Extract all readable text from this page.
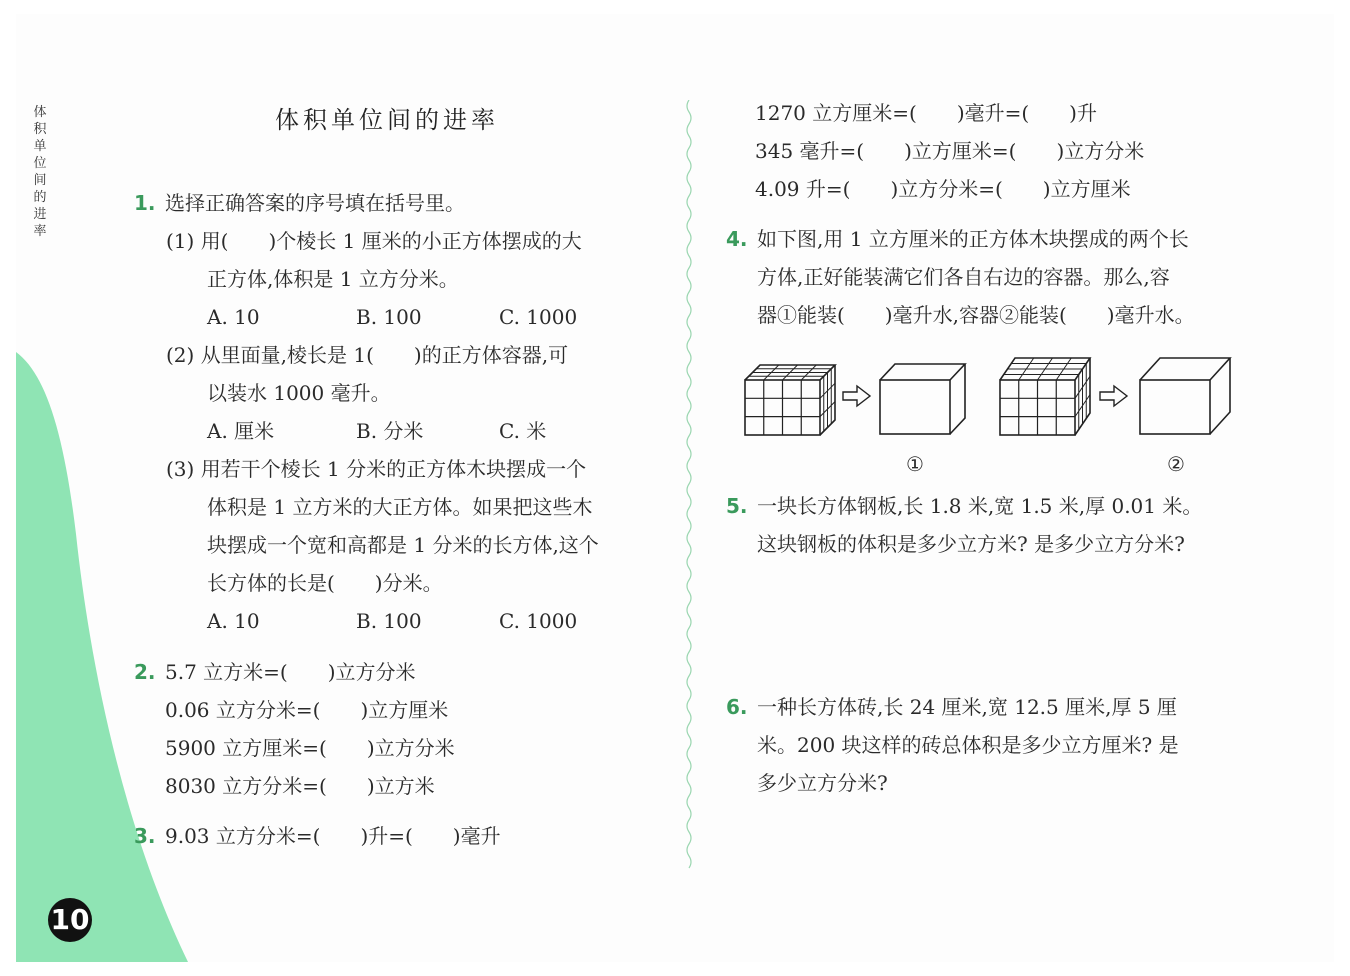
体积单位间的进率
10
体积单位间的进率
1. 选择正确答案的序号填在括号里。
(1) 用(　　)个棱长 1 厘米的小正方体摆成的大
正方体,体积是 1 立方分米。
A. 10	B. 100	C. 1000
(2) 从里面量,棱长是 1(　　)的正方体容器,可
以装水 1000 毫升。
A. 厘米	B. 分米	C. 米
(3) 用若干个棱长 1 分米的正方体木块摆成一个
体积是 1 立方米的大正方体。如果把这些木
块摆成一个宽和高都是 1 分米的长方体,这个
长方体的长是(　　)分米。
A. 10	B. 100	C. 1000
2. 5.7 立方米=(　　)立方分米
0.06 立方分米=(　　)立方厘米
5900 立方厘米=(　　)立方分米
8030 立方分米=(　　)立方米
3. 9.03 立方分米=(　　)升=(　　)毫升
1270 立方厘米=(　　)毫升=(　　)升
345 毫升=(　　)立方厘米=(　　)立方分米
4.09 升=(　　)立方分米=(　　)立方厘米
4. 如下图,用 1 立方厘米的正方体木块摆成的两个长
方体,正好能装满它们各自右边的容器。那么,容
器①能装(　　)毫升水,容器②能装(　　)毫升水。
①	②
5. 一块长方体钢板,长 1.8 米,宽 1.5 米,厚 0.01 米。
这块钢板的体积是多少立方米? 是多少立方分米?
6. 一种长方体砖,长 24 厘米,宽 12.5 厘米,厚 5 厘
米。200 块这样的砖总体积是多少立方厘米? 是
多少立方分米?
